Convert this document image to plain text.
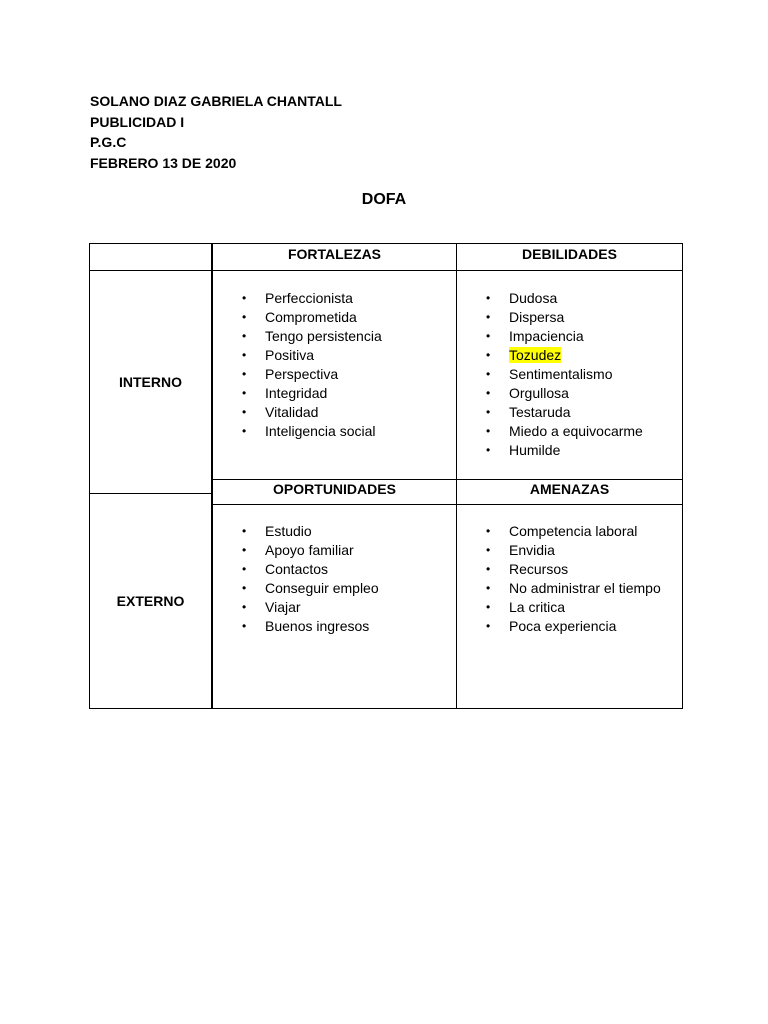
SOLANO DIAZ GABRIELA CHANTALL
PUBLICIDAD I
P.G.C
FEBRERO 13 DE 2020
DOFA
INTERNO
EXTERNO
FORTALEZAS	DEBILIDADES
• Perfeccionista
• Comprometida
• Tengo persistencia
• Positiva
• Perspectiva
• Integridad
• Vitalidad
• Inteligencia social
• Dudosa
• Dispersa
• Impaciencia
• Tozudez
• Sentimentalismo
• Orgullosa
• Testaruda
• Miedo a equivocarme
• Humilde
OPORTUNIDADES	AMENAZAS
• Estudio
• Apoyo familiar
• Contactos
• Conseguir empleo
• Viajar
• Buenos ingresos
• Competencia laboral
• Envidia
• Recursos
• No administrar el tiempo
• La critica
• Poca experiencia
